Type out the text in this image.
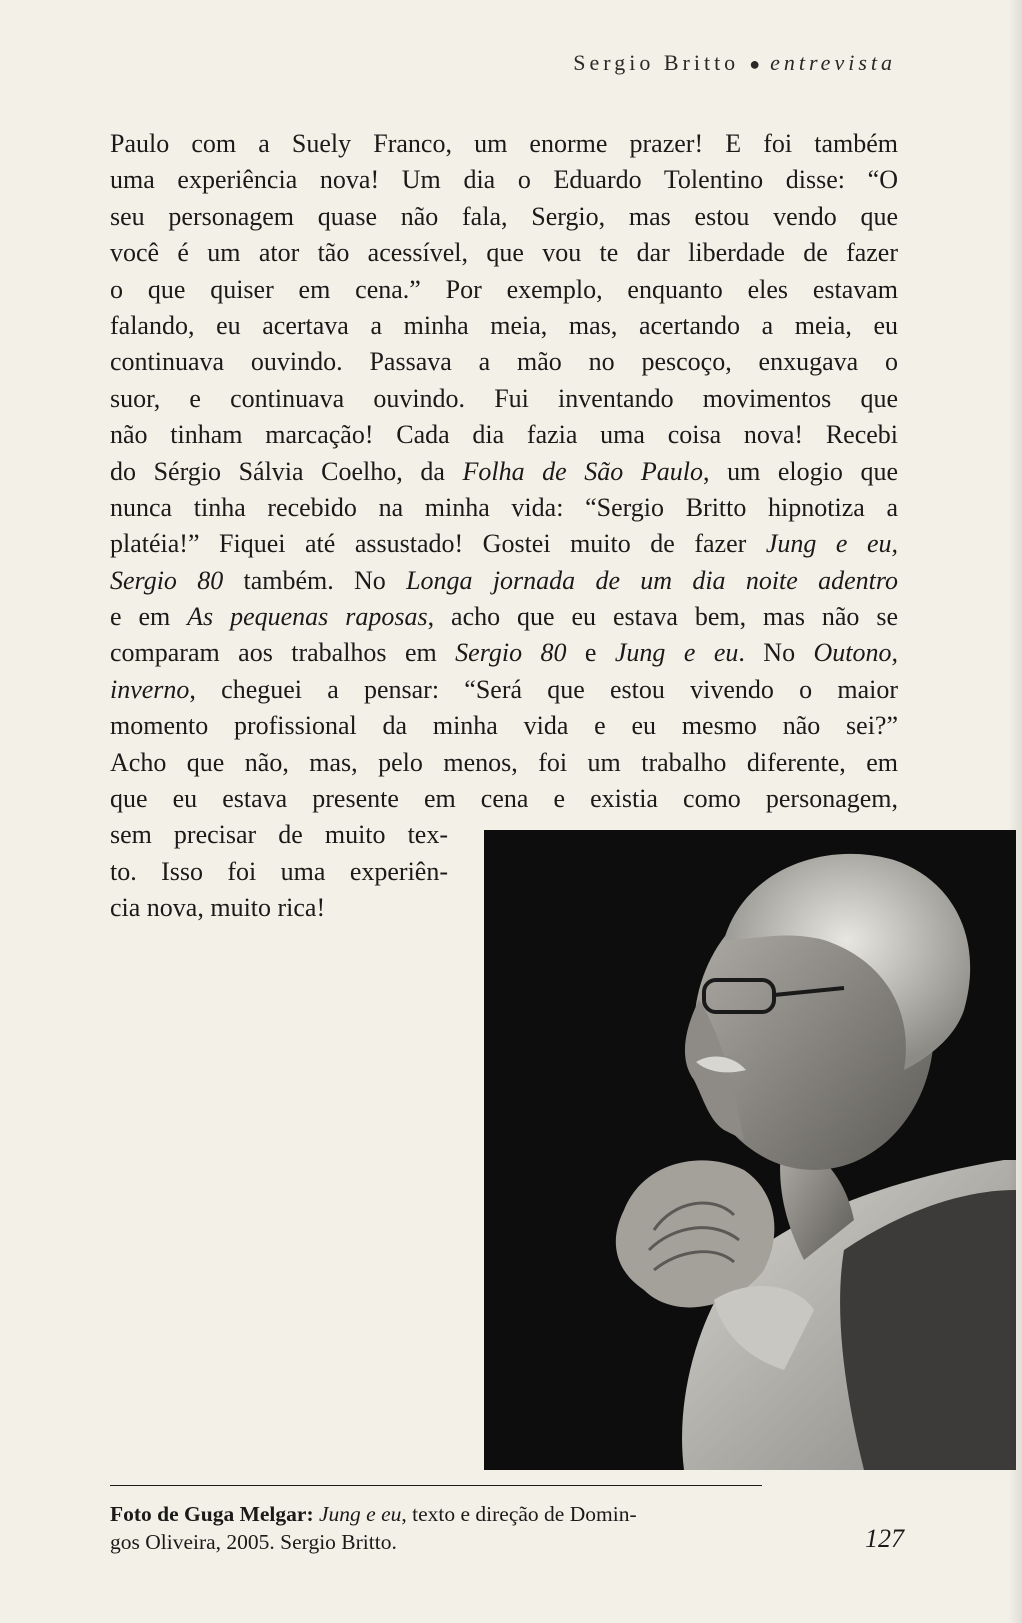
Sergio Britto ● entrevista

Paulo com a Suely Franco, um enorme prazer! E foi também
uma experiência nova! Um dia o Eduardo Tolentino disse: “O
seu personagem quase não fala, Sergio, mas estou vendo que
você é um ator tão acessível, que vou te dar liberdade de fazer
o que quiser em cena.” Por exemplo, enquanto eles estavam
falando, eu acertava a minha meia, mas, acertando a meia, eu
continuava ouvindo. Passava a mão no pescoço, enxugava o
suor, e continuava ouvindo. Fui inventando movimentos que
não tinham marcação! Cada dia fazia uma coisa nova! Recebi
do Sérgio Sálvia Coelho, da Folha de São Paulo, um elogio que
nunca tinha recebido na minha vida: “Sergio Britto hipnotiza a
platéia!” Fiquei até assustado! Gostei muito de fazer Jung e eu,
Sergio 80 também. No Longa jornada de um dia noite adentro
e em As pequenas raposas, acho que eu estava bem, mas não se
comparam aos trabalhos em Sergio 80 e Jung e eu. No Outono,
inverno, cheguei a pensar: “Será que estou vivendo o maior
momento profissional da minha vida e eu mesmo não sei?”
Acho que não, mas, pelo menos, foi um trabalho diferente, em
que eu estava presente em cena e existia como personagem,
sem precisar de muito tex-
to. Isso foi uma experiên-
cia nova, muito rica!

Foto de Guga Melgar: Jung e eu, texto e direção de Domin-
gos Oliveira, 2005. Sergio Britto.	127
